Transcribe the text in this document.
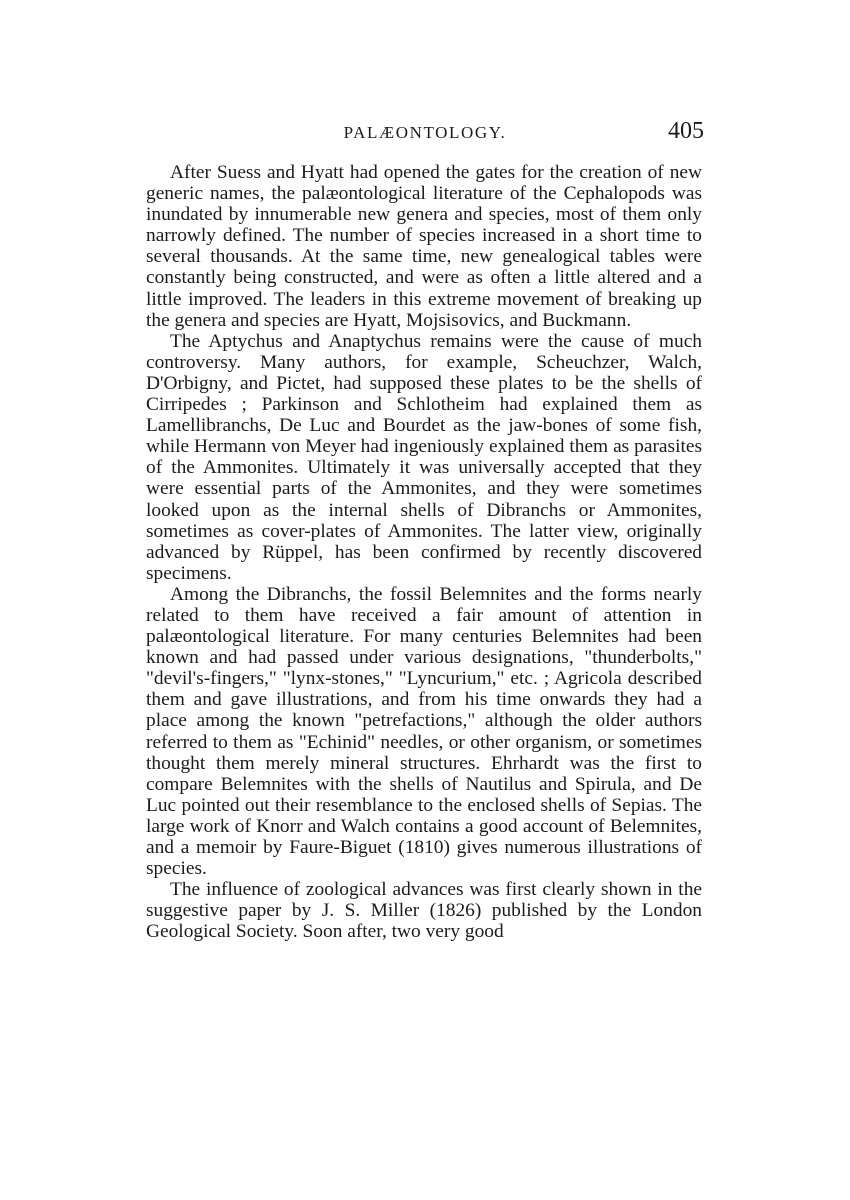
PALÆONTOLOGY.	405

After Suess and Hyatt had opened the gates for the creation of new generic names, the palæontological literature of the Cephalopods was inundated by innumerable new genera and species, most of them only narrowly defined. The number of species increased in a short time to several thousands. At the same time, new genealogical tables were constantly being constructed, and were as often a little altered and a little improved. The leaders in this extreme movement of breaking up the genera and species are Hyatt, Mojsisovics, and Buckmann.

The Aptychus and Anaptychus remains were the cause of much controversy. Many authors, for example, Scheuchzer, Walch, D'Orbigny, and Pictet, had supposed these plates to be the shells of Cirripedes ; Parkinson and Schlotheim had explained them as Lamellibranchs, De Luc and Bourdet as the jaw-bones of some fish, while Hermann von Meyer had ingeniously explained them as parasites of the Ammonites. Ultimately it was universally accepted that they were essential parts of the Ammonites, and they were sometimes looked upon as the internal shells of Dibranchs or Ammonites, sometimes as cover-plates of Ammonites. The latter view, originally advanced by Rüppel, has been confirmed by recently discovered specimens.

Among the Dibranchs, the fossil Belemnites and the forms nearly related to them have received a fair amount of attention in palæontological literature. For many centuries Belemnites had been known and had passed under various designations, "thunderbolts," "devil's-fingers," "lynx-stones," "Lyncurium," etc. ; Agricola described them and gave illustrations, and from his time onwards they had a place among the known "petrefactions," although the older authors referred to them as "Echinid" needles, or other organism, or sometimes thought them merely mineral structures. Ehrhardt was the first to compare Belemnites with the shells of Nautilus and Spirula, and De Luc pointed out their resemblance to the enclosed shells of Sepias. The large work of Knorr and Walch contains a good account of Belemnites, and a memoir by Faure-Biguet (1810) gives numerous illustrations of species.

The influence of zoological advances was first clearly shown in the suggestive paper by J. S. Miller (1826) published by the London Geological Society. Soon after, two very good
